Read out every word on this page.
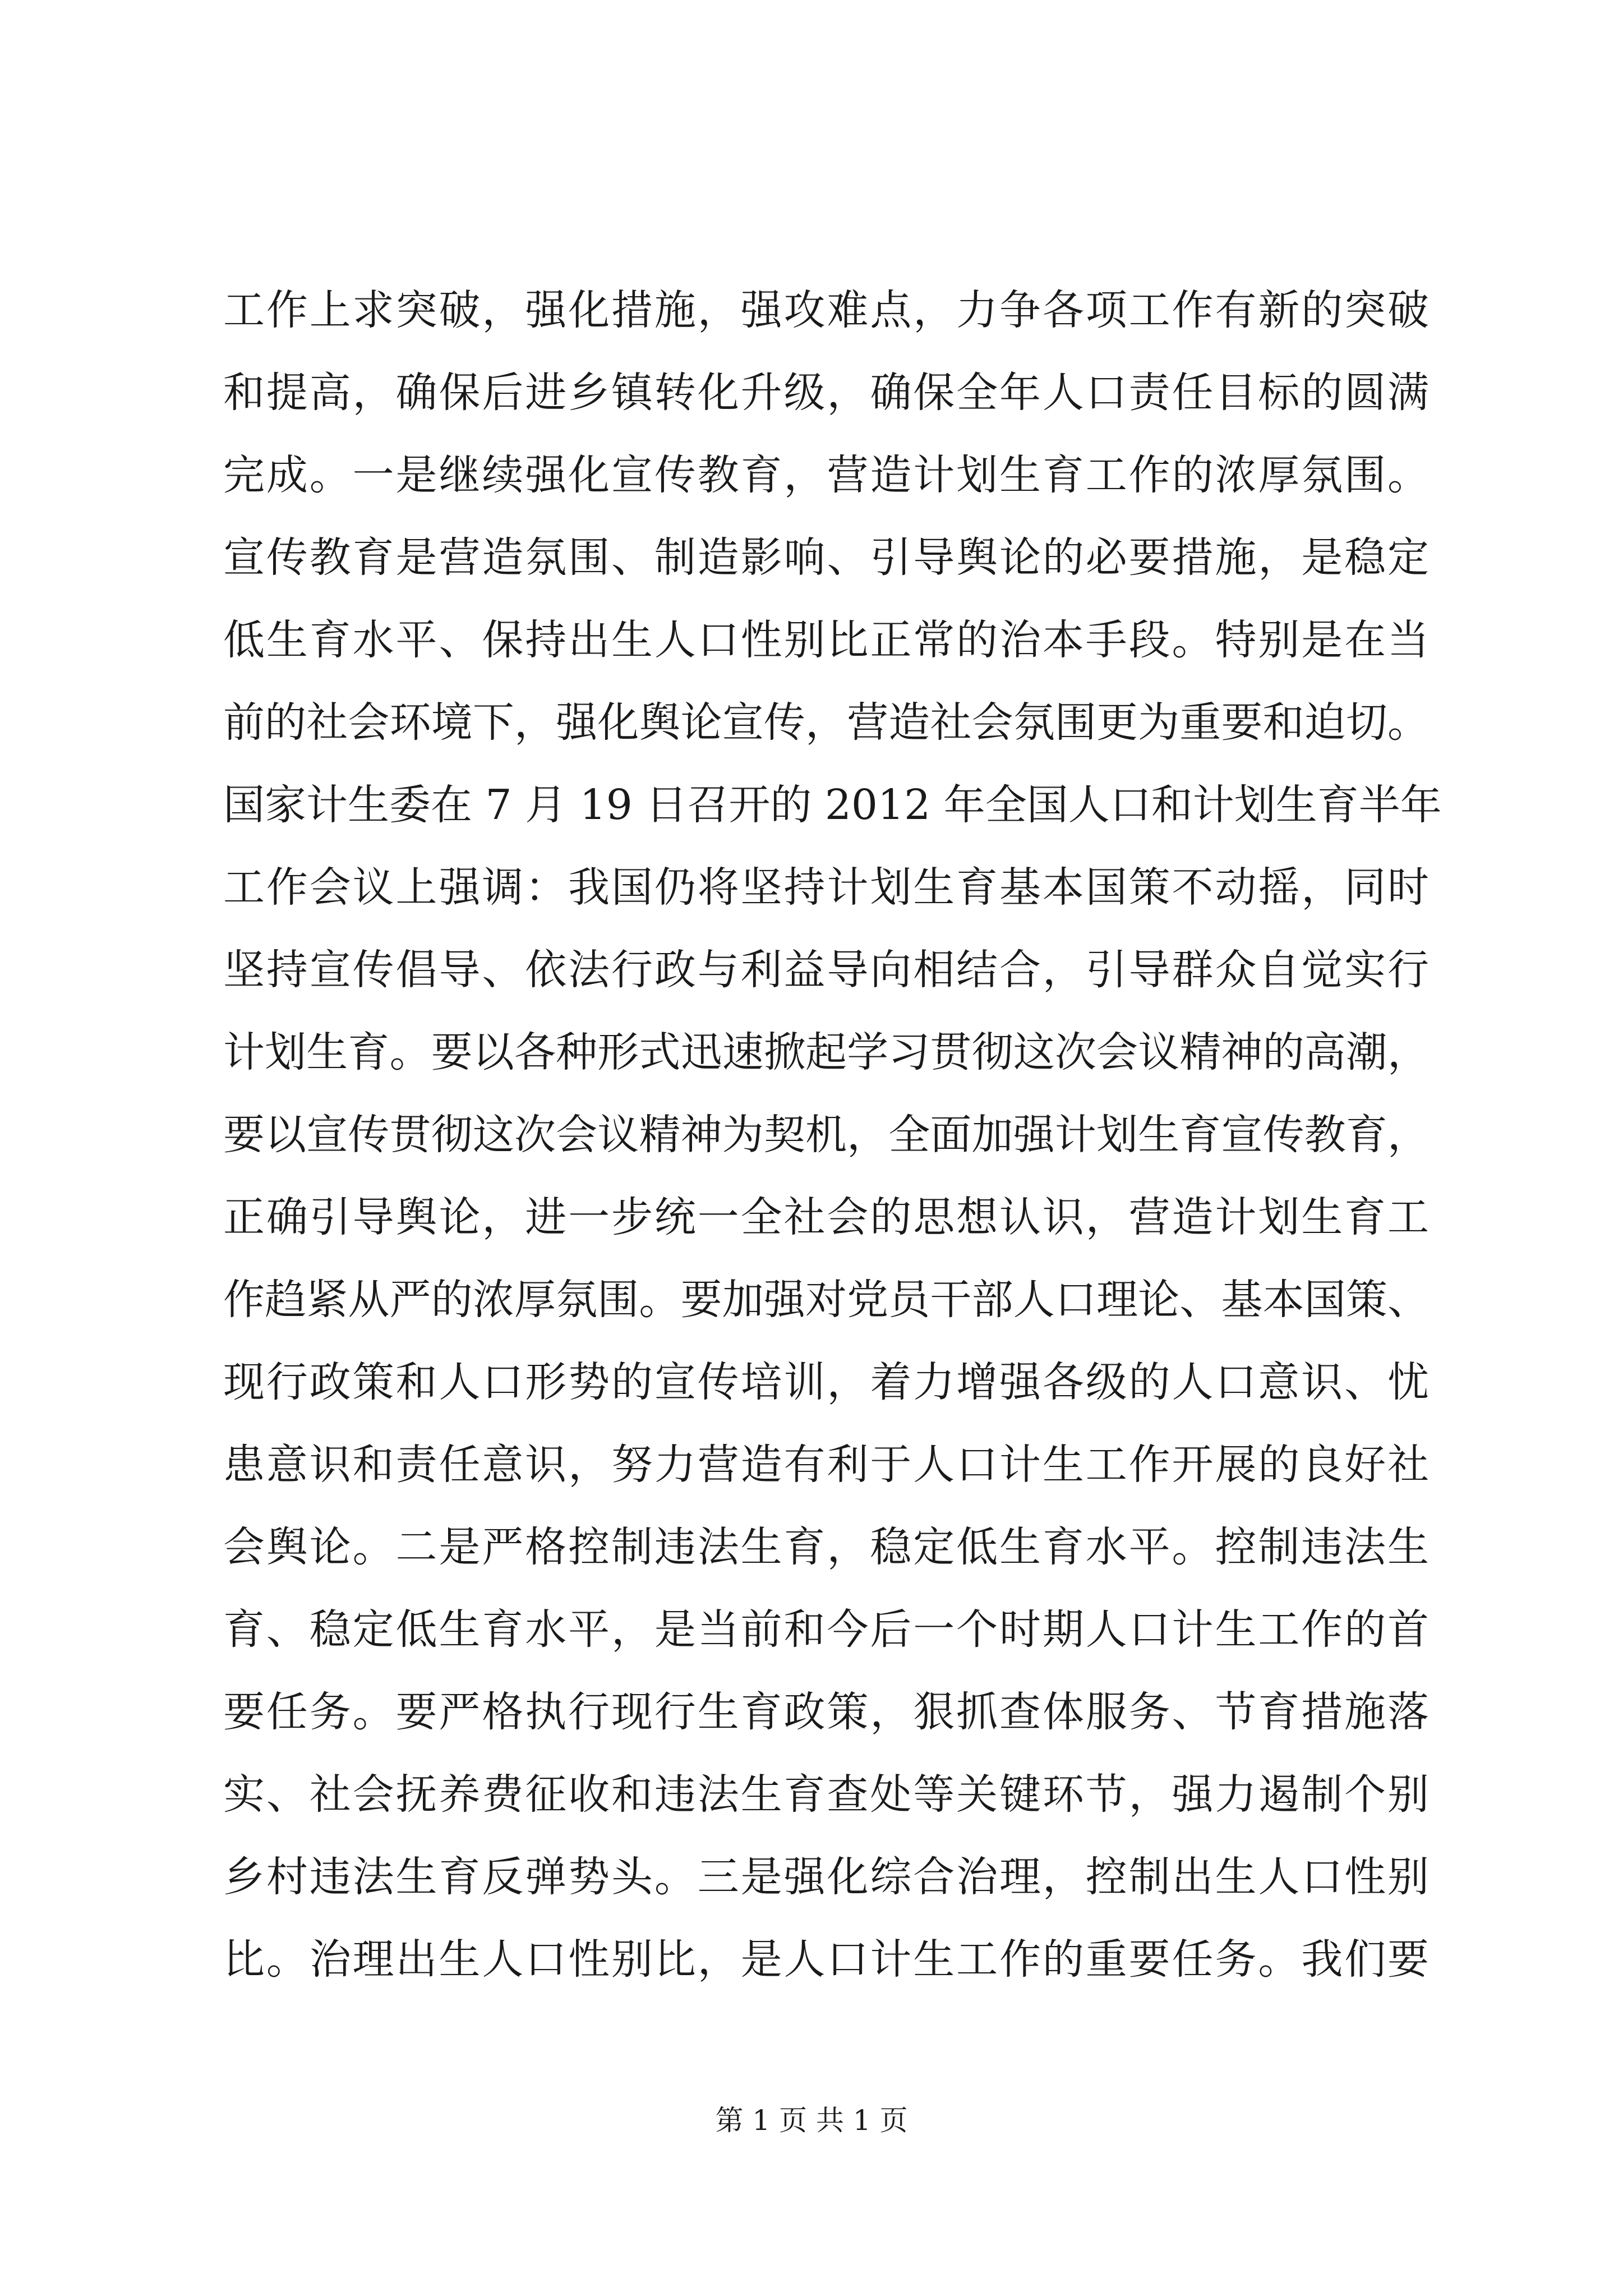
工作上求突破，强化措施，强攻难点，力争各项工作有新的突破
和提高，确保后进乡镇转化升级，确保全年人口责任目标的圆满
完成。一是继续强化宣传教育，营造计划生育工作的浓厚氛围。
宣传教育是营造氛围、制造影响、引导舆论的必要措施，是稳定
低生育水平、保持出生人口性别比正常的治本手段。特别是在当
前的社会环境下，强化舆论宣传，营造社会氛围更为重要和迫切。
国家计生委在 7 月 19 日召开的 2012 年全国人口和计划生育半年
工作会议上强调：我国仍将坚持计划生育基本国策不动摇，同时
坚持宣传倡导、依法行政与利益导向相结合，引导群众自觉实行
计划生育。要以各种形式迅速掀起学习贯彻这次会议精神的高潮，
要以宣传贯彻这次会议精神为契机，全面加强计划生育宣传教育，
正确引导舆论，进一步统一全社会的思想认识，营造计划生育工
作趋紧从严的浓厚氛围。要加强对党员干部人口理论、基本国策、
现行政策和人口形势的宣传培训，着力增强各级的人口意识、忧
患意识和责任意识，努力营造有利于人口计生工作开展的良好社
会舆论。二是严格控制违法生育，稳定低生育水平。控制违法生
育、稳定低生育水平，是当前和今后一个时期人口计生工作的首
要任务。要严格执行现行生育政策，狠抓查体服务、节育措施落
实、社会抚养费征收和违法生育查处等关键环节，强力遏制个别
乡村违法生育反弹势头。三是强化综合治理，控制出生人口性别
比。治理出生人口性别比，是人口计生工作的重要任务。我们要
第 1 页 共 1 页
